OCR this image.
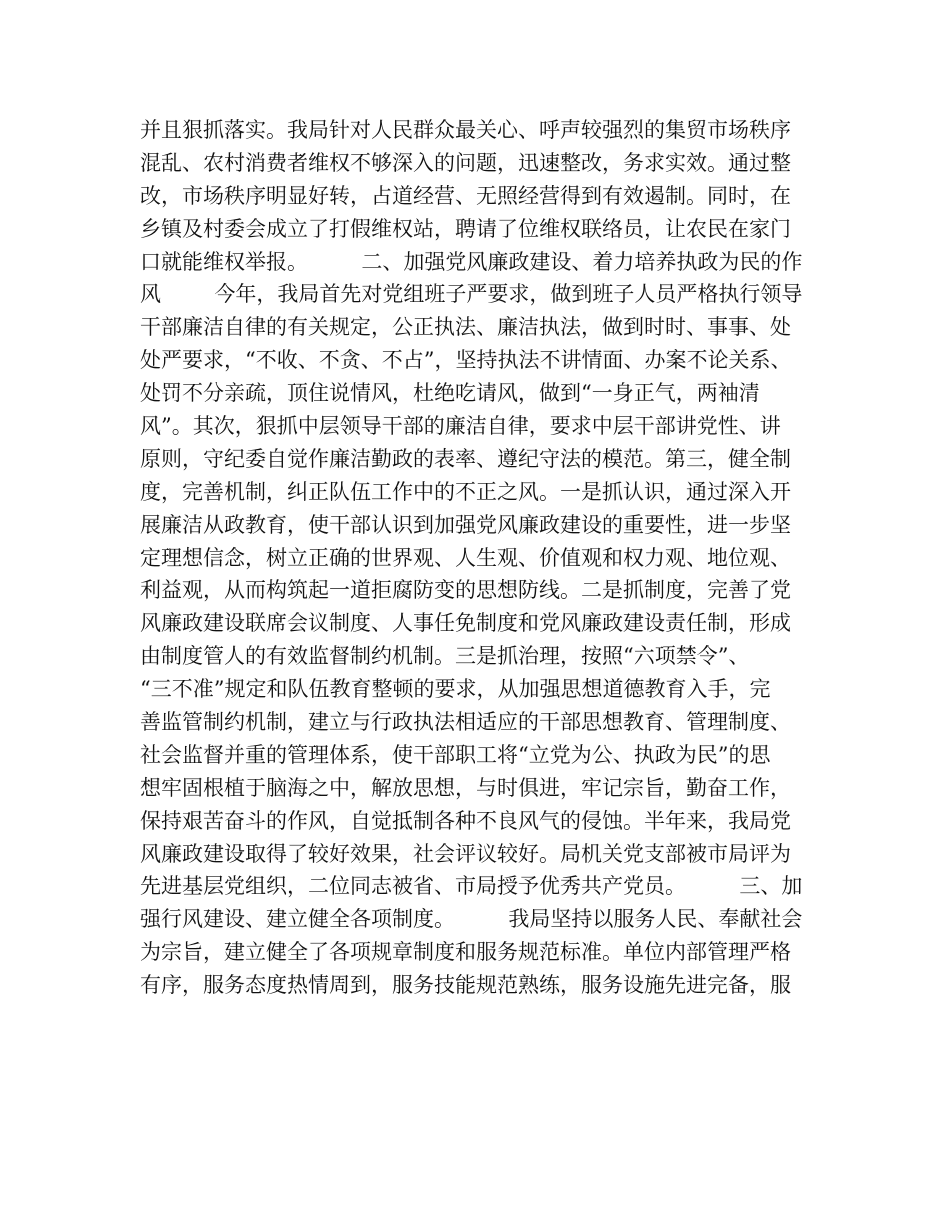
并且狠抓落实。我局针对人民群众最关心、呼声较强烈的集贸市场秩序
混乱、农村消费者维权不够深入的问题，迅速整改，务求实效。通过整
改，市场秩序明显好转，占道经营、无照经营得到有效遏制。同时，在
乡镇及村委会成立了打假维权站，聘请了位维权联络员，让农民在家门
口就能维权举报。        二、加强党风廉政建设、着力培养执政为民的作
风        今年，我局首先对党组班子严要求，做到班子人员严格执行领导
干部廉洁自律的有关规定，公正执法、廉洁执法，做到时时、事事、处
处严要求，“不收、不贪、不占”，坚持执法不讲情面、办案不论关系、
处罚不分亲疏，顶住说情风，杜绝吃请风，做到“一身正气，两袖清
风”。其次，狠抓中层领导干部的廉洁自律，要求中层干部讲党性、讲
原则，守纪委自觉作廉洁勤政的表率、遵纪守法的模范。第三，健全制
度，完善机制，纠正队伍工作中的不正之风。一是抓认识，通过深入开
展廉洁从政教育，使干部认识到加强党风廉政建设的重要性，进一步坚
定理想信念，树立正确的世界观、人生观、价值观和权力观、地位观、
利益观，从而构筑起一道拒腐防变的思想防线。二是抓制度，完善了党
风廉政建设联席会议制度、人事任免制度和党风廉政建设责任制，形成
由制度管人的有效监督制约机制。三是抓治理，按照“六项禁令”、
“三不准”规定和队伍教育整顿的要求，从加强思想道德教育入手，完
善监管制约机制，建立与行政执法相适应的干部思想教育、管理制度、
社会监督并重的管理体系，使干部职工将“立党为公、执政为民”的思
想牢固根植于脑海之中，解放思想，与时俱进，牢记宗旨，勤奋工作，
保持艰苦奋斗的作风，自觉抵制各种不良风气的侵蚀。半年来，我局党
风廉政建设取得了较好效果，社会评议较好。局机关党支部被市局评为
先进基层党组织，二位同志被省、市局授予优秀共产党员。        三、加
强行风建设、建立健全各项制度。        我局坚持以服务人民、奉献社会
为宗旨，建立健全了各项规章制度和服务规范标准。单位内部管理严格
有序，服务态度热情周到，服务技能规范熟练，服务设施先进完备，服
